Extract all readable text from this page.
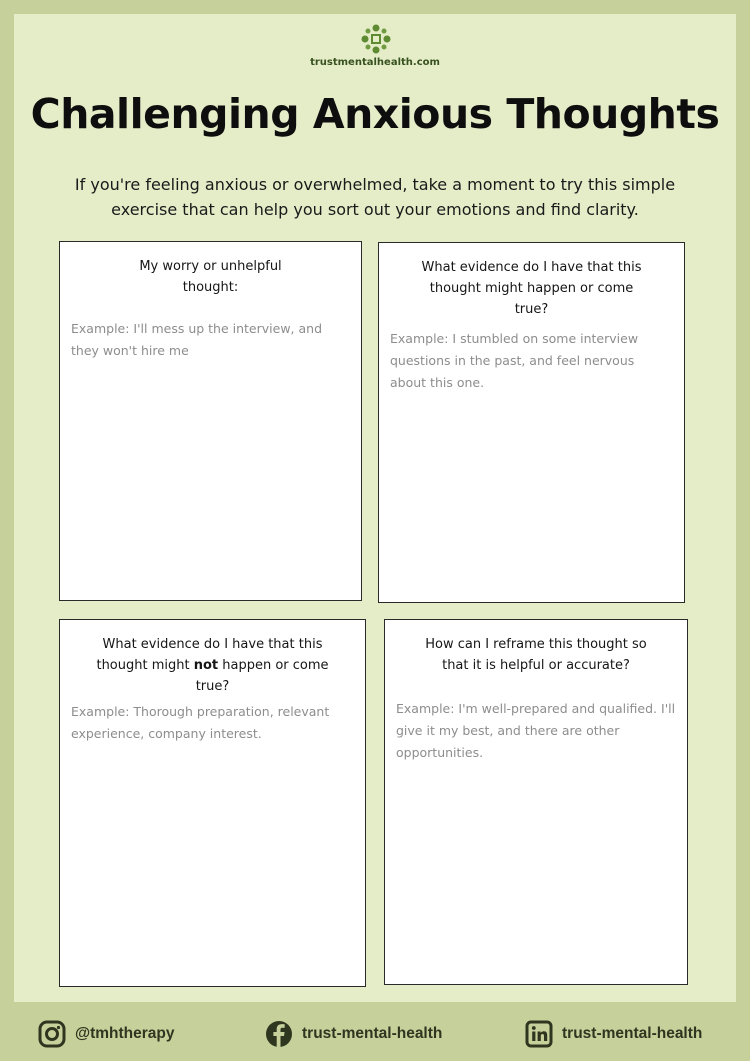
trustmentalhealth.com
Challenging Anxious Thoughts

If you're feeling anxious or overwhelmed, take a moment to try this simple exercise that can help you sort out your emotions and find clarity.

My worry or unhelpful thought:
Example: I'll mess up the interview, and they won't hire me
What evidence do I have that this thought might happen or come true?
Example: I stumbled on some interview questions in the past, and feel nervous about this one.
What evidence do I have that this thought might not happen or come true?
Example: Thorough preparation, relevant experience, company interest.
How can I reframe this thought so that it is helpful or accurate?
Example: I'm well-prepared and qualified. I'll give it my best, and there are other opportunities.
@tmhtherapy	trust-mental-health	trust-mental-health
